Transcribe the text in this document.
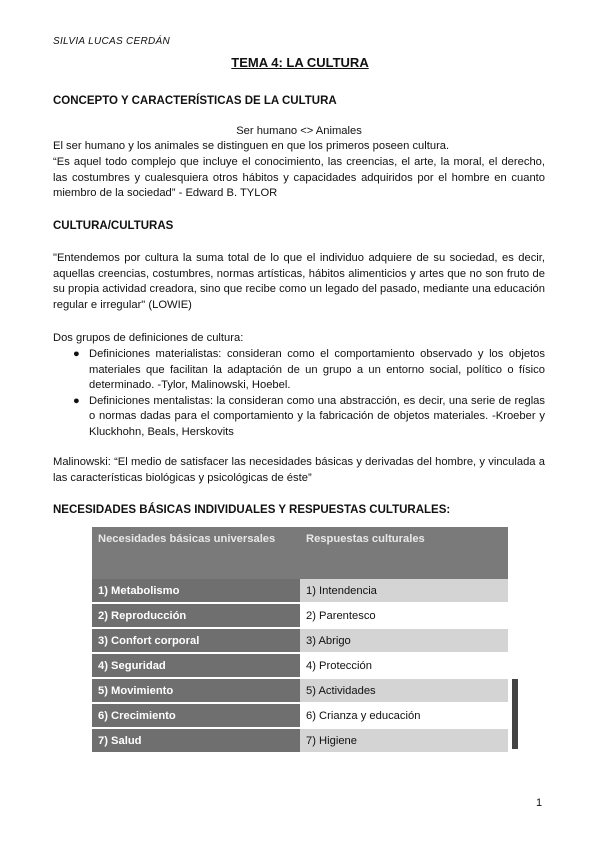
SILVIA LUCAS CERDÁN
TEMA 4: LA CULTURA
CONCEPTO Y CARACTERÍSTICAS DE LA CULTURA
Ser humano <> Animales
El ser humano y los animales se distinguen en que los primeros poseen cultura.
“Es aquel todo complejo que incluye el conocimiento, las creencias, el arte, la moral, el derecho, las costumbres y cualesquiera otros hábitos y capacidades adquiridos por el hombre en cuanto miembro de la sociedad” - Edward B. TYLOR
CULTURA/CULTURAS
"Entendemos por cultura la suma total de lo que el individuo adquiere de su sociedad, es decir, aquellas creencias, costumbres, normas artísticas, hábitos alimenticios y artes que no son fruto de su propia actividad creadora, sino que recibe como un legado del pasado, mediante una educación regular e irregular" (LOWIE)
Dos grupos de definiciones de cultura:
● Definiciones materialistas: consideran como el comportamiento observado y los objetos materiales que facilitan la adaptación de un grupo a un entorno social, político o físico determinado. -Tylor, Malinowski, Hoebel.
● Definiciones mentalistas: la consideran como una abstracción, es decir, una serie de reglas o normas dadas para el comportamiento y la fabricación de objetos materiales. -Kroeber y Kluckhohn, Beals, Herskovits
Malinowski: “El medio de satisfacer las necesidades básicas y derivadas del hombre, y vinculada a las características biológicas y psicológicas de éste”
NECESIDADES BÁSICAS INDIVIDUALES Y RESPUESTAS CULTURALES:
Necesidades básicas universales	Respuestas culturales
1) Metabolismo	1) Intendencia
2) Reproducción	2) Parentesco
3) Confort corporal	3) Abrigo
4) Seguridad	4) Protección
5) Movimiento	5) Actividades
6) Crecimiento	6) Crianza y educación
7) Salud	7) Higiene
1
